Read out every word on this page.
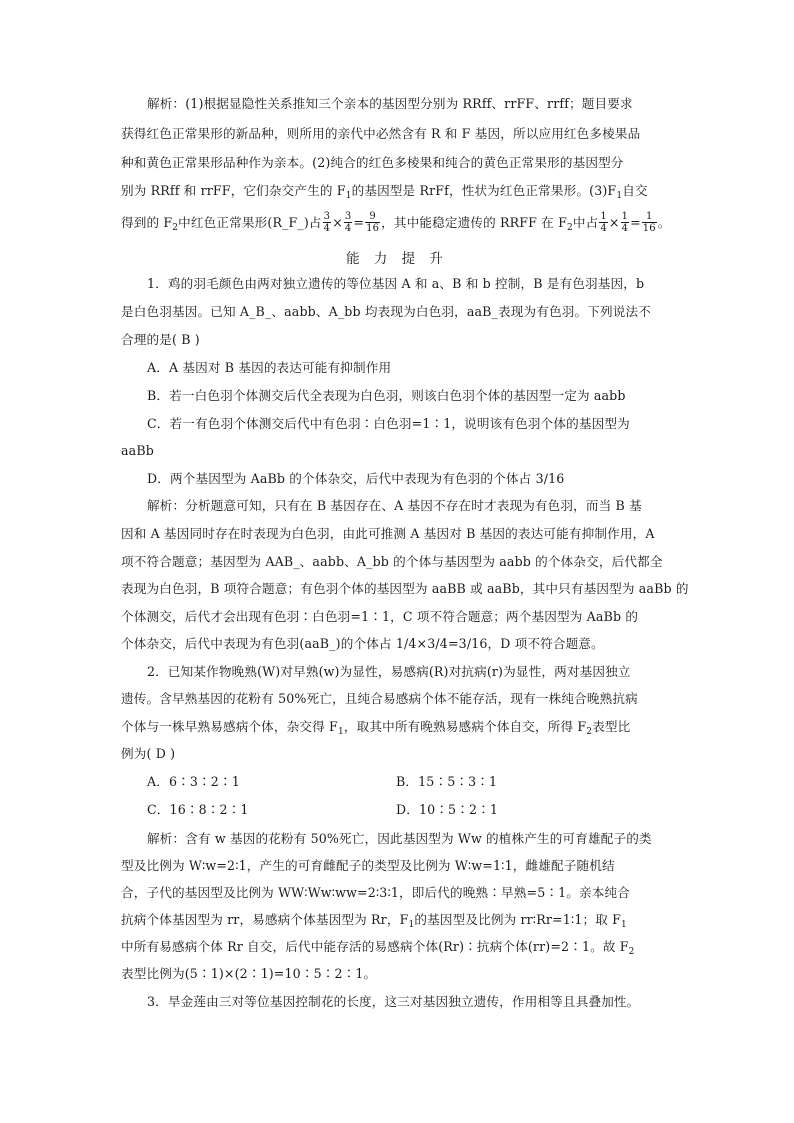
解析：(1)根据显隐性关系推知三个亲本的基因型分别为 RRff、rrFF、rrff；题目要求
获得红色正常果形的新品种，则所用的亲代中必然含有 R 和 F 基因，所以应用红色多棱果品
种和黄色正常果形品种作为亲本。(2)纯合的红色多棱果和纯合的黄色正常果形的基因型分
别为 RRff 和 rrFF，它们杂交产生的 $F_1$的基因型是 RrFf，性状为红色正常果形。$(3)F_1$自交
得到的 $F_2$中红色正常果形(R_F_)占 $\frac{3}{4} \times \frac{3}{4} = \frac{9}{16}$ ，其中能稳定遗传的 RRFF 在 $F_2$中占 $\frac{1}{4} \times \frac{1}{4} = \frac{1}{16}$ 。
能 力 提 升
1．鸡的羽毛颜色由两对独立遗传的等位基因 A 和 a、B 和 b 控制，B 是有色羽基因，b
是白色羽基因。已知 A_B_、aabb、A_bb 均表现为白色羽，aaB_表现为有色羽。下列说法不
合理的是( B )
A．A 基因对 B 基因的表达可能有抑制作用
B．若一白色羽个体测交后代全表现为白色羽，则该白色羽个体的基因型一定为 aabb
C．若一有色羽个体测交后代中有色羽∶白色羽=1∶1，说明该有色羽个体的基因型为
aaBb
D．两个基因型为 AaBb 的个体杂交，后代中表现为有色羽的个体占 3/16
解析：分析题意可知，只有在 B 基因存在、A 基因不存在时才表现为有色羽，而当 B 基
因和 A 基因同时存在时表现为白色羽，由此可推测 A 基因对 B 基因的表达可能有抑制作用，A
项不符合题意；基因型为 AAB_、aabb、A_bb 的个体与基因型为 aabb 的个体杂交，后代都全
表现为白色羽，B 项符合题意；有色羽个体的基因型为 aaBB 或 aaBb，其中只有基因型为 aaBb 的
个体测交，后代才会出现有色羽∶白色羽=1∶1，C 项不符合题意；两个基因型为 AaBb 的
个体杂交，后代中表现为有色羽(aaB_)的个体占 1/4×3/4=3/16，D 项不符合题意。
2．已知某作物晚熟(W)对早熟(w)为显性，易感病(R)对抗病(r)为显性，两对基因独立
遗传。含早熟基因的花粉有 50%死亡，且纯合易感病个体不能存活，现有一株纯合晚熟抗病
个体与一株早熟易感病个体，杂交得 $F_1$，取其中所有晚熟易感病个体自交，所得 $F_2$表型比
例为( D )
A．6∶3∶2∶1	B．15∶5∶3∶1
C．16∶8∶2∶1	D．10∶5∶2∶1
解析：含有 w 基因的花粉有 50%死亡，因此基因型为 Ww 的植株产生的可育雄配子的类
型及比例为 W∶w=2∶1，产生的可育雌配子的类型及比例为 W∶w=1∶1，雌雄配子随机结
合，子代的基因型及比例为 WW∶Ww∶ww=2∶3∶1，即后代的晚熟∶早熟=5∶1。亲本纯合
抗病个体基因型为 rr，易感病个体基因型为 Rr，$F_1$的基因型及比例为 rr∶Rr=1∶1；取 $F_1$
中所有易感病个体 Rr 自交，后代中能存活的易感病个体(Rr)∶抗病个体(rr)=2∶1。故 $F_2$
表型比例为(5∶1)×(2∶1)=10∶5∶2∶1。
3．旱金莲由三对等位基因控制花的长度，这三对基因独立遗传，作用相等且具叠加性。
